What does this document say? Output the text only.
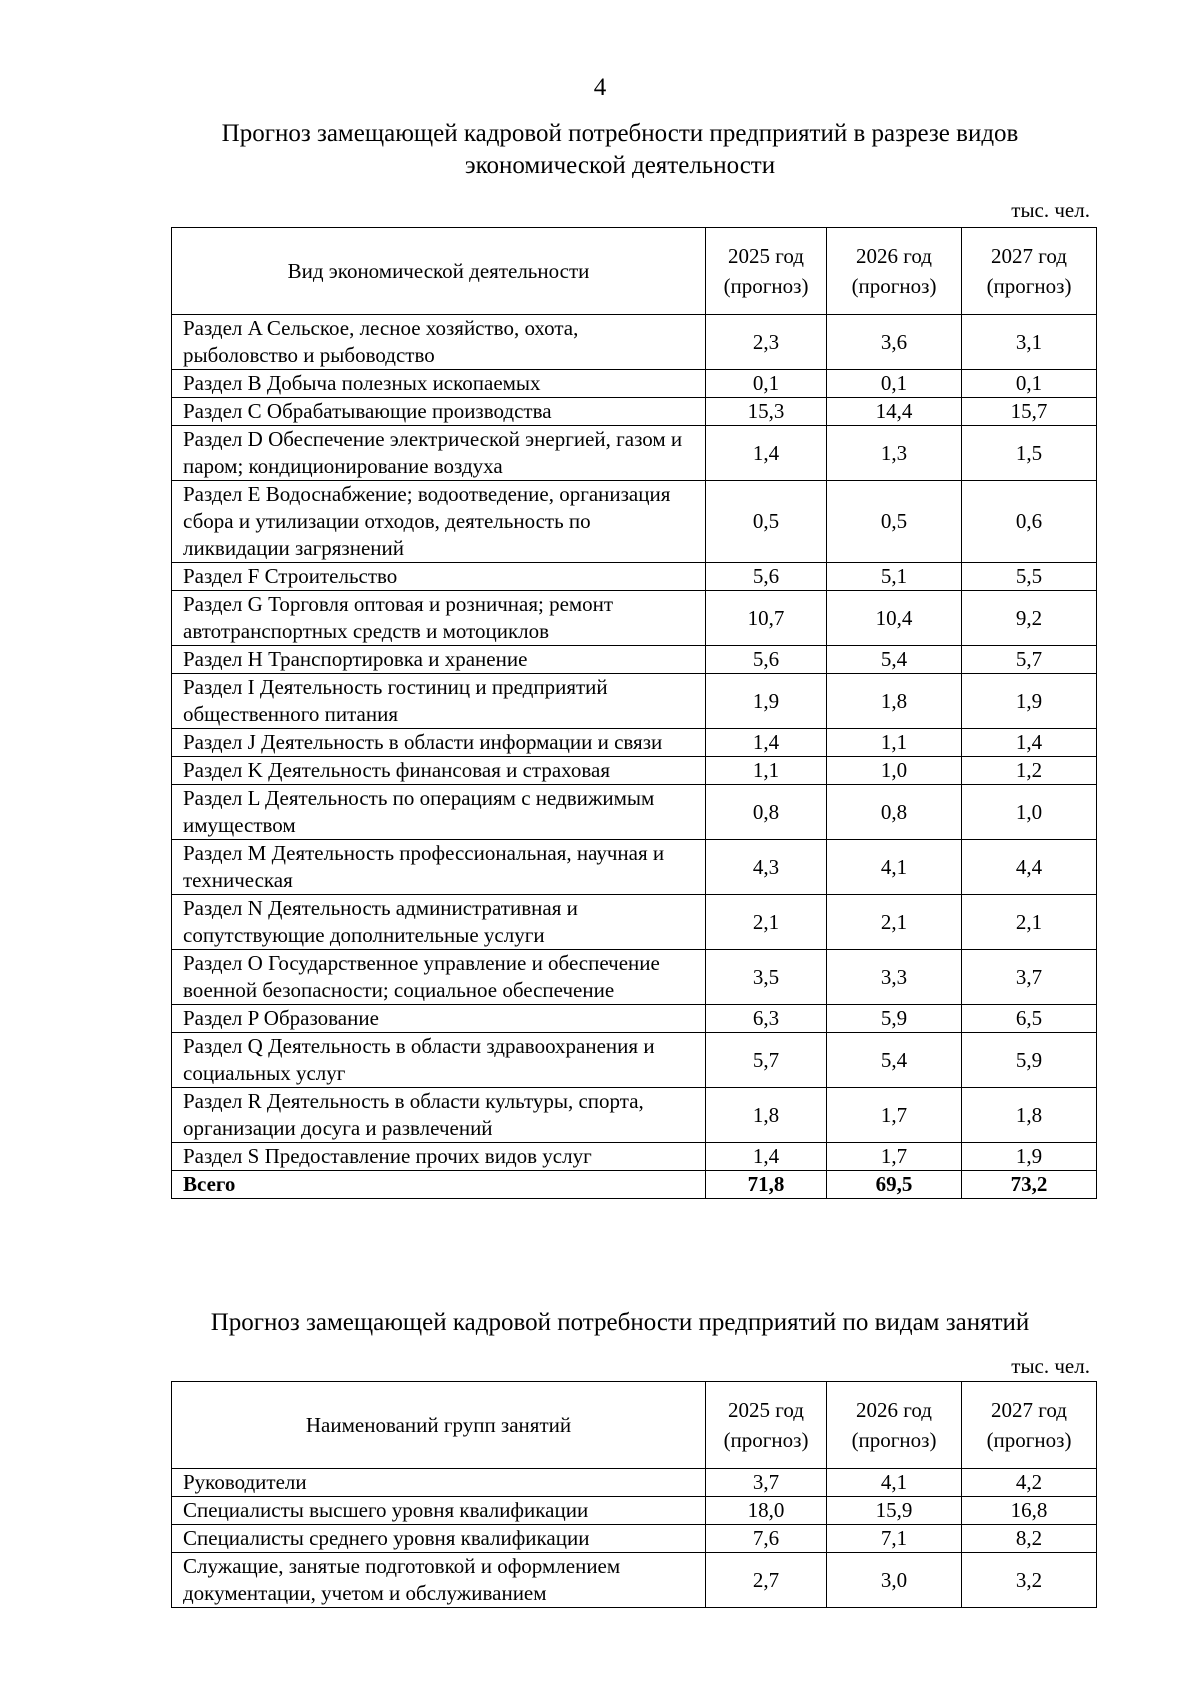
4
Прогноз замещающей кадровой потребности предприятий в разрезе видов экономической деятельности
тыс. чел.
Вид экономической деятельности	2025 год (прогноз)	2026 год (прогноз)	2027 год (прогноз)
Раздел A Сельское, лесное хозяйство, охота, рыболовство и рыбоводство	2,3	3,6	3,1
Раздел B Добыча полезных ископаемых	0,1	0,1	0,1
Раздел C Обрабатывающие производства	15,3	14,4	15,7
Раздел D Обеспечение электрической энергией, газом и паром; кондиционирование воздуха	1,4	1,3	1,5
Раздел E Водоснабжение; водоотведение, организация сбора и утилизации отходов, деятельность по ликвидации загрязнений	0,5	0,5	0,6
Раздел F Строительство	5,6	5,1	5,5
Раздел G Торговля оптовая и розничная; ремонт автотранспортных средств и мотоциклов	10,7	10,4	9,2
Раздел H Транспортировка и хранение	5,6	5,4	5,7
Раздел I Деятельность гостиниц и предприятий общественного питания	1,9	1,8	1,9
Раздел J Деятельность в области информации и связи	1,4	1,1	1,4
Раздел K Деятельность финансовая и страховая	1,1	1,0	1,2
Раздел L Деятельность по операциям с недвижимым имуществом	0,8	0,8	1,0
Раздел M Деятельность профессиональная, научная и техническая	4,3	4,1	4,4
Раздел N Деятельность административная и сопутствующие дополнительные услуги	2,1	2,1	2,1
Раздел O Государственное управление и обеспечение военной безопасности; социальное обеспечение	3,5	3,3	3,7
Раздел P Образование	6,3	5,9	6,5
Раздел Q Деятельность в области здравоохранения и социальных услуг	5,7	5,4	5,9
Раздел R Деятельность в области культуры, спорта, организации досуга и развлечений	1,8	1,7	1,8
Раздел S Предоставление прочих видов услуг	1,4	1,7	1,9
Всего	71,8	69,5	73,2
Прогноз замещающей кадровой потребности предприятий по видам занятий
тыс. чел.
Наименований групп занятий	2025 год (прогноз)	2026 год (прогноз)	2027 год (прогноз)
Руководители	3,7	4,1	4,2
Специалисты высшего уровня квалификации	18,0	15,9	16,8
Специалисты среднего уровня квалификации	7,6	7,1	8,2
Служащие, занятые подготовкой и оформлением документации, учетом и обслуживанием	2,7	3,0	3,2
